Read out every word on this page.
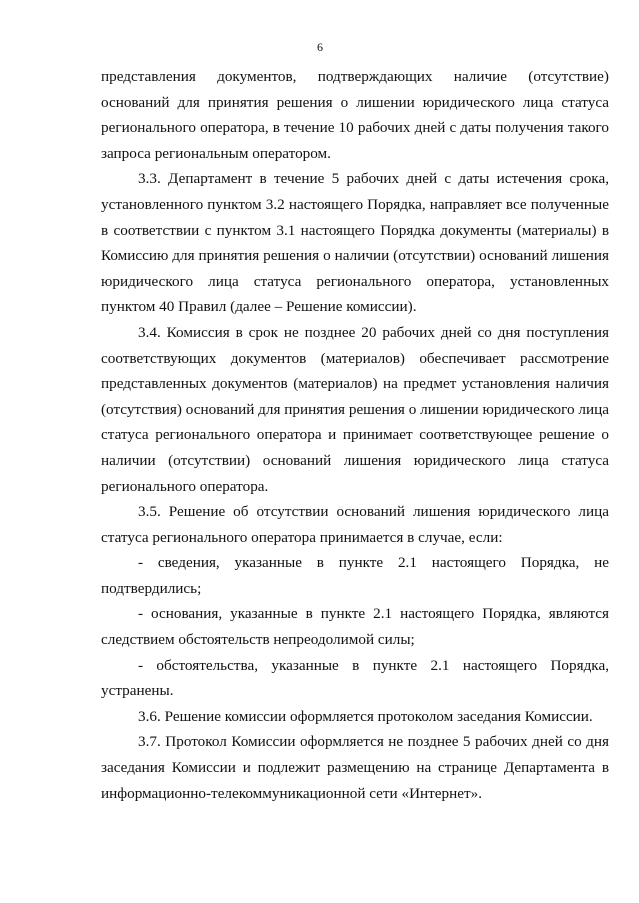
6

представления документов, подтверждающих наличие (отсутствие) оснований для принятия решения о лишении юридического лица статуса регионального оператора, в течение 10 рабочих дней с даты получения такого запроса региональным оператором.

3.3. Департамент в течение 5 рабочих дней с даты истечения срока, установленного пунктом 3.2 настоящего Порядка, направляет все полученные в соответствии с пунктом 3.1 настоящего Порядка документы (материалы) в Комиссию для принятия решения о наличии (отсутствии) оснований лишения юридического лица статуса регионального оператора, установленных пунктом 40 Правил (далее – Решение комиссии).

3.4. Комиссия в срок не позднее 20 рабочих дней со дня поступления соответствующих документов (материалов) обеспечивает рассмотрение представленных документов (материалов) на предмет установления наличия (отсутствия) оснований для принятия решения о лишении юридического лица статуса регионального оператора и принимает соответствующее решение о наличии (отсутствии) оснований лишения юридического лица статуса регионального оператора.

3.5. Решение об отсутствии оснований лишения юридического лица статуса регионального оператора принимается в случае, если:

- сведения, указанные в пункте 2.1 настоящего Порядка, не подтвердились;

- основания, указанные в пункте 2.1 настоящего Порядка, являются следствием обстоятельств непреодолимой силы;

- обстоятельства, указанные в пункте 2.1 настоящего Порядка, устранены.

3.6. Решение комиссии оформляется протоколом заседания Комиссии.

3.7. Протокол Комиссии оформляется не позднее 5 рабочих дней со дня заседания Комиссии и подлежит размещению на странице Департамента в информационно-телекоммуникационной сети «Интернет».
